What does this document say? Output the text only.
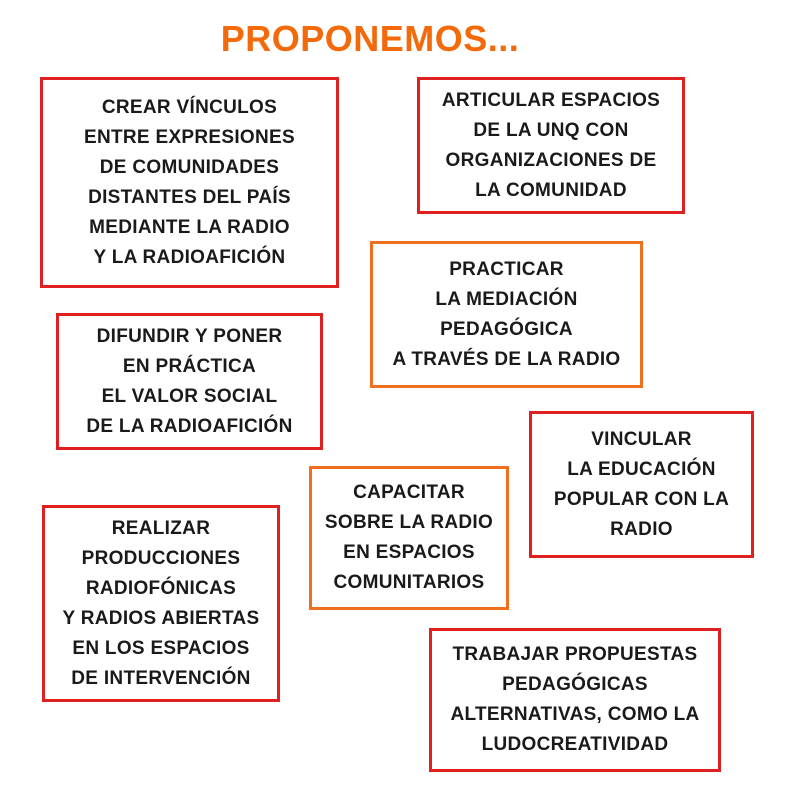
PROPONEMOS...

CREAR VÍNCULOS
ENTRE EXPRESIONES
DE COMUNIDADES
DISTANTES DEL PAÍS
MEDIANTE LA RADIO
Y LA RADIOAFICIÓN

ARTICULAR ESPACIOS
DE LA UNQ CON
ORGANIZACIONES DE
LA COMUNIDAD

PRACTICAR
LA MEDIACIÓN
PEDAGÓGICA
A TRAVÉS DE LA RADIO

DIFUNDIR Y PONER
EN PRÁCTICA
EL VALOR SOCIAL
DE LA RADIOAFICIÓN

VINCULAR
LA EDUCACIÓN
POPULAR CON LA
RADIO

CAPACITAR
SOBRE LA RADIO
EN ESPACIOS
COMUNITARIOS

REALIZAR
PRODUCCIONES
RADIOFÓNICAS
Y RADIOS ABIERTAS
EN LOS ESPACIOS
DE INTERVENCIÓN

TRABAJAR PROPUESTAS
PEDAGÓGICAS
ALTERNATIVAS, COMO LA
LUDOCREATIVIDAD
